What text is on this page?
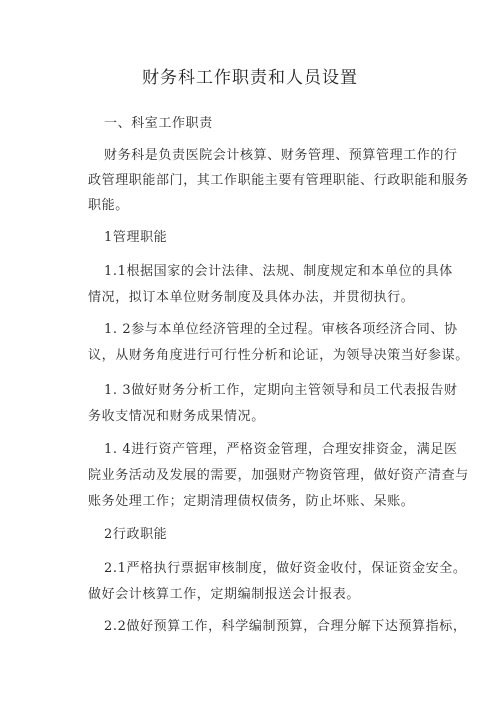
财务科工作职责和人员设置
一、科室工作职责
财务科是负责医院会计核算、财务管理、预算管理工作的行
政管理职能部门，其工作职能主要有管理职能、行政职能和服务
职能。
1管理职能
1.1根据国家的会计法律、法规、制度规定和本单位的具体
情况，拟订本单位财务制度及具体办法，并贯彻执行。
1. 2参与本单位经济管理的全过程。审核各项经济合同、协
议，从财务角度进行可行性分析和论证，为领导决策当好参谋。
1. 3做好财务分析工作，定期向主管领导和员工代表报告财
务收支情况和财务成果情况。
1. 4进行资产管理，严格资金管理，合理安排资金，满足医
院业务活动及发展的需要，加强财产物资管理，做好资产清查与
账务处理工作；定期清理债权债务，防止坏账、呆账。
2行政职能
2.1严格执行票据审核制度，做好资金收付，保证资金安全。
做好会计核算工作，定期编制报送会计报表。
2.2做好预算工作，科学编制预算，合理分解下达预算指标，
